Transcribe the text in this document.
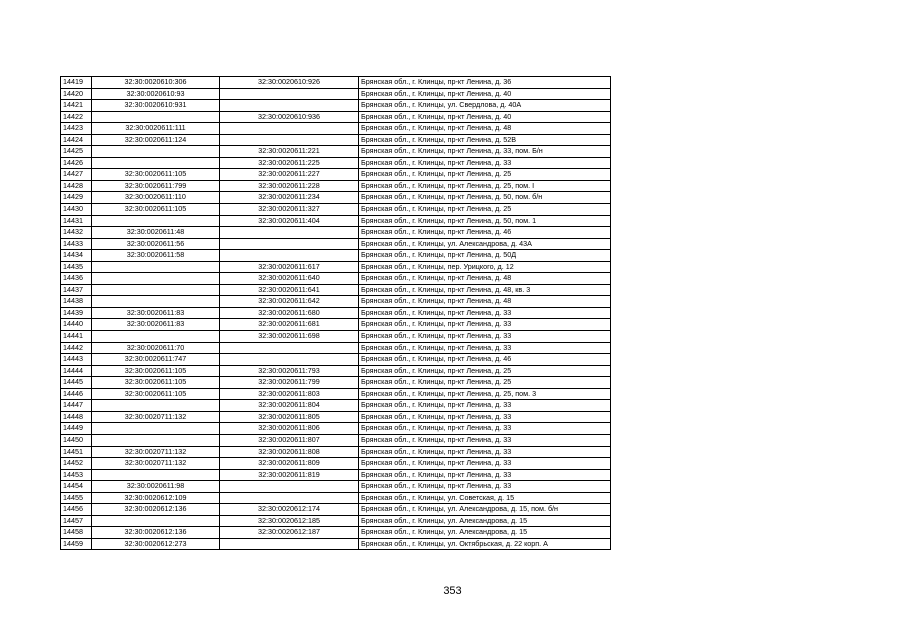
14419	32:30:0020610:306	32:30:0020610:926	Брянская обл., г. Клинцы, пр-кт Ленина, д. 36
14420	32:30:0020610:93		Брянская обл., г. Клинцы, пр-кт Ленина, д. 40
14421	32:30:0020610:931		Брянская обл., г. Клинцы, ул. Свердлова, д. 40А
14422		32:30:0020610:936	Брянская обл., г. Клинцы, пр-кт Ленина, д. 40
14423	32:30:0020611:111		Брянская обл., г. Клинцы, пр-кт Ленина, д. 48
14424	32:30:0020611:124		Брянская обл., г. Клинцы, пр-кт Ленина, д. 52В
14425		32:30:0020611:221	Брянская обл., г. Клинцы, пр-кт Ленина, д. 33, пом. Б/н
14426		32:30:0020611:225	Брянская обл., г. Клинцы, пр-кт Ленина, д. 33
14427	32:30:0020611:105	32:30:0020611:227	Брянская обл., г. Клинцы, пр-кт Ленина, д. 25
14428	32:30:0020611:799	32:30:0020611:228	Брянская обл., г. Клинцы, пр-кт Ленина, д. 25, пом. I
14429	32:30:0020611:110	32:30:0020611:234	Брянская обл., г. Клинцы, пр-кт Ленина, д. 50, пом. б/н
14430	32:30:0020611:105	32:30:0020611:327	Брянская обл., г. Клинцы, пр-кт Ленина, д. 25
14431		32:30:0020611:404	Брянская обл., г. Клинцы, пр-кт Ленина, д. 50, пом. 1
14432	32:30:0020611:48		Брянская обл., г. Клинцы, пр-кт Ленина, д. 46
14433	32:30:0020611:56		Брянская обл., г. Клинцы, ул. Александрова, д. 43А
14434	32:30:0020611:58		Брянская обл., г. Клинцы, пр-кт Ленина, д. 50Д
14435		32:30:0020611:617	Брянская обл., г. Клинцы, пер. Урицкого, д. 12
14436		32:30:0020611:640	Брянская обл., г. Клинцы, пр-кт Ленина, д. 48
14437		32:30:0020611:641	Брянская обл., г. Клинцы, пр-кт Ленина, д. 48, кв. 3
14438		32:30:0020611:642	Брянская обл., г. Клинцы, пр-кт Ленина, д. 48
14439	32:30:0020611:83	32:30:0020611:680	Брянская обл., г. Клинцы, пр-кт Ленина, д. 33
14440	32:30:0020611:83	32:30:0020611:681	Брянская обл., г. Клинцы, пр-кт Ленина, д. 33
14441		32:30:0020611:698	Брянская обл., г. Клинцы, пр-кт Ленина, д. 33
14442	32:30:0020611:70		Брянская обл., г. Клинцы, пр-кт Ленина, д. 33
14443	32:30:0020611:747		Брянская обл., г. Клинцы, пр-кт Ленина, д. 46
14444	32:30:0020611:105	32:30:0020611:793	Брянская обл., г. Клинцы, пр-кт Ленина, д. 25
14445	32:30:0020611:105	32:30:0020611:799	Брянская обл., г. Клинцы, пр-кт Ленина, д. 25
14446	32:30:0020611:105	32:30:0020611:803	Брянская обл., г. Клинцы, пр-кт Ленина, д. 25, пом. 3
14447		32:30:0020611:804	Брянская обл., г. Клинцы, пр-кт Ленина, д. 33
14448	32:30:0020711:132	32:30:0020611:805	Брянская обл., г. Клинцы, пр-кт Ленина, д. 33
14449		32:30:0020611:806	Брянская обл., г. Клинцы, пр-кт Ленина, д. 33
14450		32:30:0020611:807	Брянская обл., г. Клинцы, пр-кт Ленина, д. 33
14451	32:30:0020711:132	32:30:0020611:808	Брянская обл., г. Клинцы, пр-кт Ленина, д. 33
14452	32:30:0020711:132	32:30:0020611:809	Брянская обл., г. Клинцы, пр-кт Ленина, д. 33
14453		32:30:0020611:819	Брянская обл., г. Клинцы, пр-кт Ленина, д. 33
14454	32:30:0020611:98		Брянская обл., г. Клинцы, пр-кт Ленина, д. 33
14455	32:30:0020612:109		Брянская обл., г. Клинцы, ул. Советская, д. 15
14456	32:30:0020612:136	32:30:0020612:174	Брянская обл., г. Клинцы, ул. Александрова, д. 15, пом. б/н
14457		32:30:0020612:185	Брянская обл., г. Клинцы, ул. Александрова, д. 15
14458	32:30:0020612:136	32:30:0020612:187	Брянская обл., г. Клинцы, ул. Александрова, д. 15
14459	32:30:0020612:273		Брянская обл., г. Клинцы, ул. Октябрьская, д. 22 корп. А
353
